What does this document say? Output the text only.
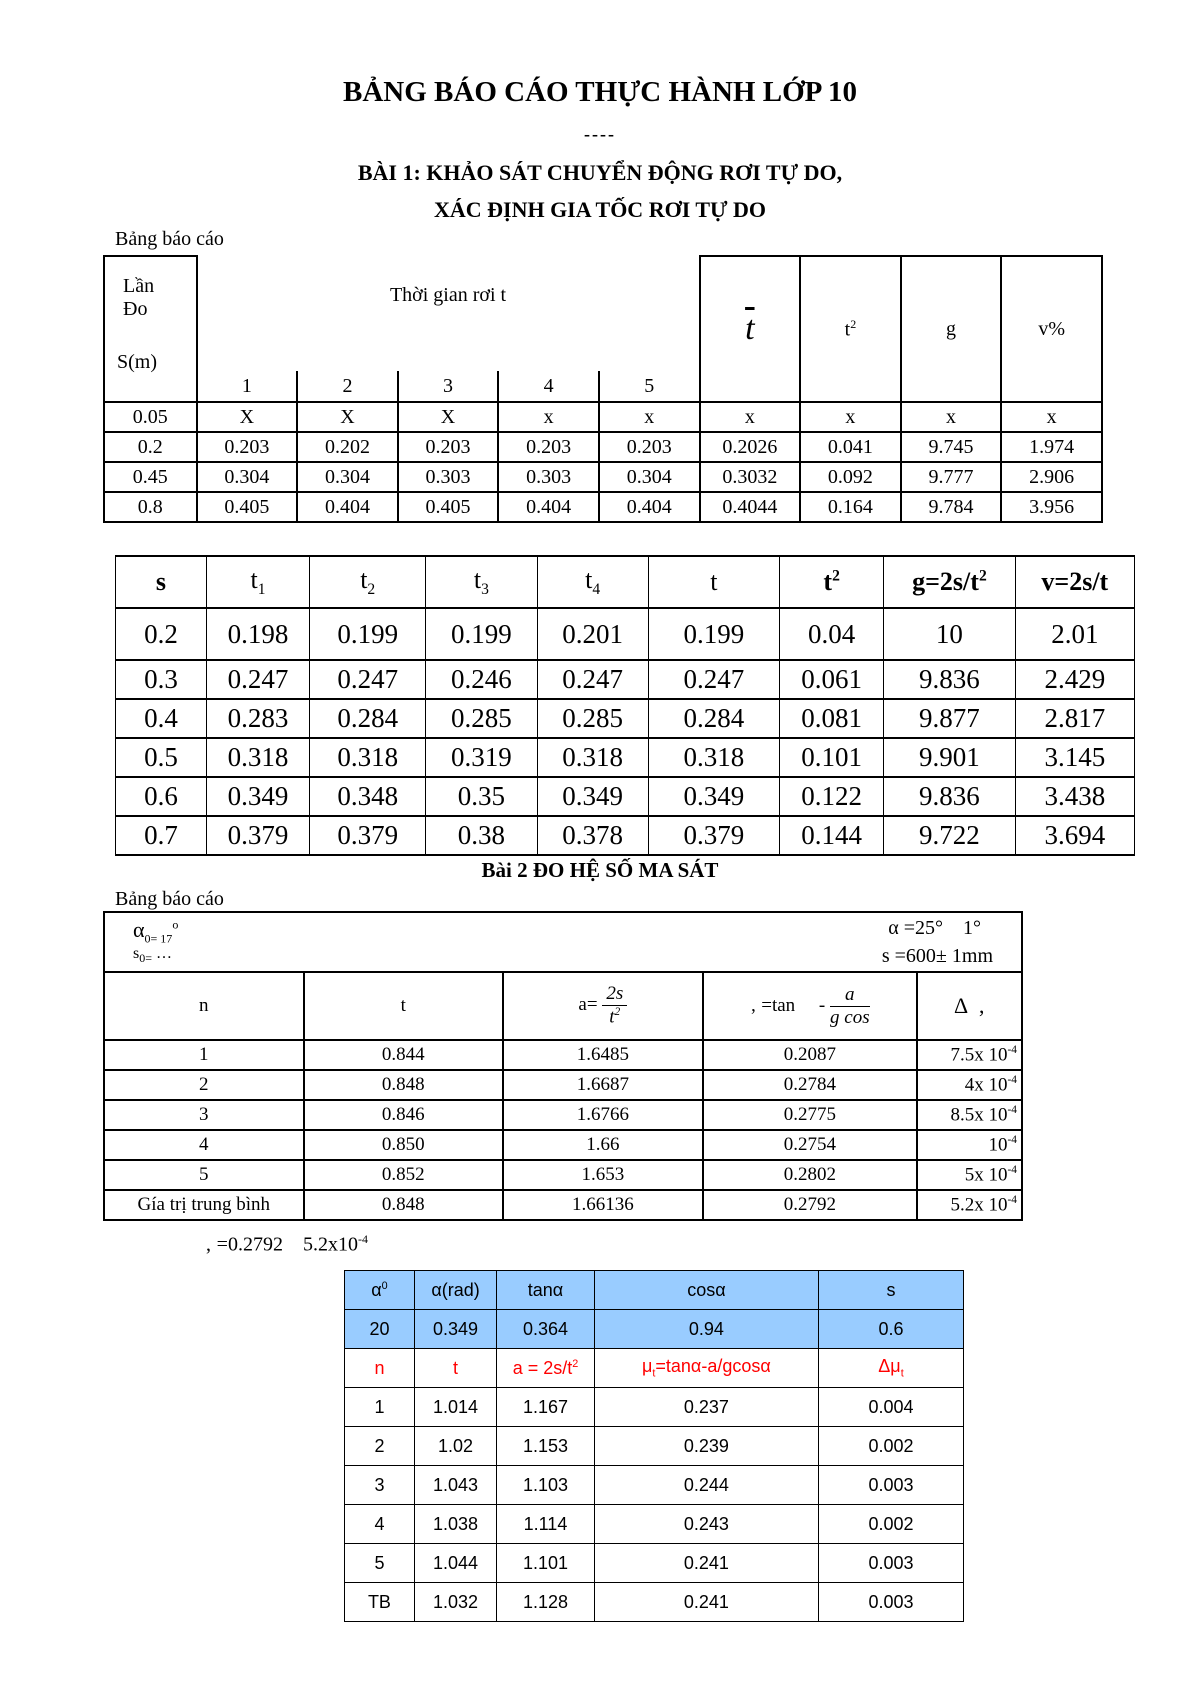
BẢNG BÁO CÁO THỰC HÀNH LỚP 10
----
BÀI 1: KHẢO SÁT CHUYỂN ĐỘNG RƠI TỰ DO,
XÁC ĐỊNH GIA TỐC RƠI TỰ DO
Bảng báo cáo
Lần
Đo
S(m)	Thời gian rơi t					$\overline{t}$	$t^2$	g	v%
	1	2	3	4	5				
0.05	X	X	X	x	x	x	x	x	x
0.2	0.203	0.202	0.203	0.203	0.203	0.2026	0.041	9.745	1.974
0.45	0.304	0.304	0.303	0.303	0.304	0.3032	0.092	9.777	2.906
0.8	0.405	0.404	0.405	0.404	0.404	0.4044	0.164	9.784	3.956
s	$t_1$	$t_2$	$t_3$	$t_4$	t	$t^2$	$g=2s/t^2$	v=2s/t
0.2	0.198	0.199	0.199	0.201	0.199	0.04	10	2.01
0.3	0.247	0.247	0.246	0.247	0.247	0.061	9.836	2.429
0.4	0.283	0.284	0.285	0.285	0.284	0.081	9.877	2.817
0.5	0.318	0.318	0.319	0.318	0.318	0.101	9.901	3.145
0.6	0.349	0.348	0.35	0.349	0.349	0.122	9.836	3.438
0.7	0.379	0.379	0.38	0.378	0.379	0.144	9.722	3.694
Bài 2 ĐO HỆ SỐ MA SÁT
Bảng báo cáo
$\alpha_{0= 17}^o$
$s_{0=}$ …
α =25°    1°
s =600± 1mm				

n	t	$a= \frac{2s}{t^2}$	‚ =tan     - $\frac{a}{\text{g cos}}$	Δ  ‚
1	0.844	1.6485	0.2087	7.5x $10^{-4}$
2	0.848	1.6687	0.2784	4x $10^{-4}$
3	0.846	1.6766	0.2775	8.5x $10^{-4}$
4	0.850	1.66	0.2754	$10^{-4}$
5	0.852	1.653	0.2802	5x $10^{-4}$
Gía trị trung bình	0.848	1.66136	0.2792	5.2x $10^{-4}$
‚ =0.2792    $5.2x10^{-4}$
$\alpha^0$	α(rad)	tanα	cosα	s
20	0.349	0.364	0.94	0.6
n	t	$a = 2s/t^2$	$\mu_t=\tan\alpha-a$/gcosα	$\Delta\mu_t$
1	1.014	1.167	0.237	0.004
2	1.02	1.153	0.239	0.002
3	1.043	1.103	0.244	0.003
4	1.038	1.114	0.243	0.002
5	1.044	1.101	0.241	0.003
TB	1.032	1.128	0.241	0.003
